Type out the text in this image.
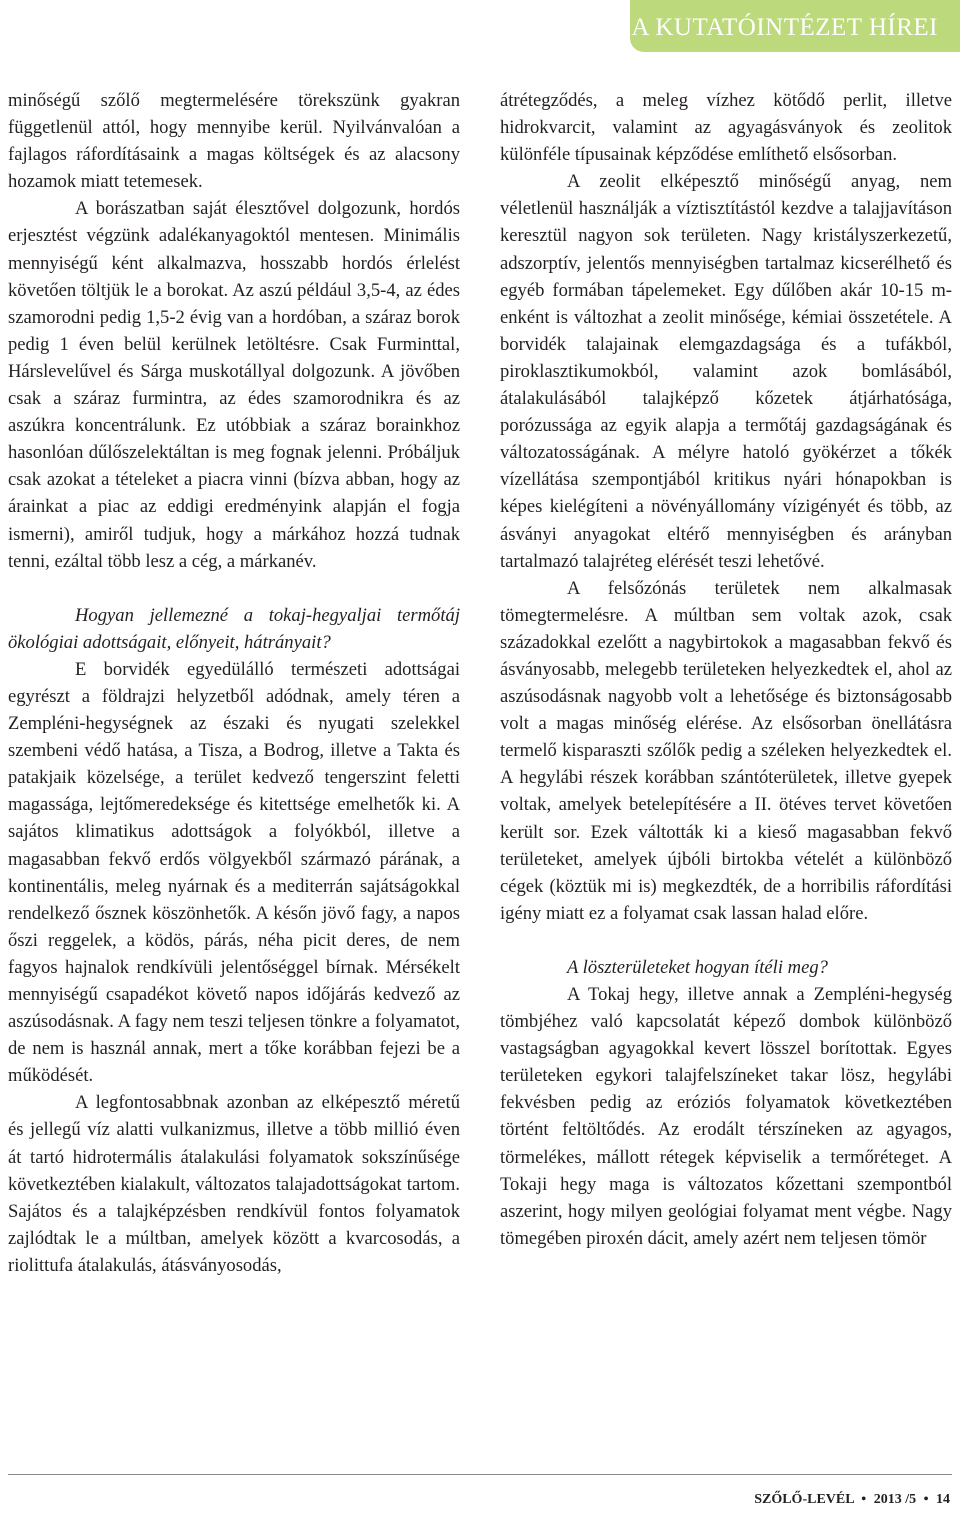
A KUTATÓINTÉZET HÍREI

minőségű szőlő megtermelésére törekszünk gyakran függetlenül attól, hogy mennyibe kerül. Nyilvánvalóan a fajlagos ráfordításaink a magas költségek és az alacsony hozamok miatt tetemesek.

A borászatban saját élesztővel dolgozunk, hordós erjesztést végzünk adalékanyagoktól mentesen. Minimális mennyiségű ként alkalmazva, hosszabb hordós érlelést követően töltjük le a borokat. Az aszú például 3,5-4, az édes szamorodni pedig 1,5-2 évig van a hordóban, a száraz borok pedig 1 éven belül kerülnek letöltésre. Csak Furminttal, Hárslevelűvel és Sárga muskotállyal dolgozunk. A jövőben csak a száraz furmintra, az édes szamorodnikra és az aszúkra koncentrálunk. Ez utóbbiak a száraz borainkhoz hasonlóan dűlőszelektáltan is meg fognak jelenni. Próbáljuk csak azokat a tételeket a piacra vinni (bízva abban, hogy az árainkat a piac az eddigi eredményink alapján el fogja ismerni), amiről tudjuk, hogy a márkához hozzá tudnak tenni, ezáltal több lesz a cég, a márkanév.

Hogyan jellemezné a tokaj-hegyaljai termőtáj ökológiai adottságait, előnyeit, hátrányait?

E borvidék egyedülálló természeti adottságai egyrészt a földrajzi helyzetből adódnak, amely téren a Zempléni-hegységnek az északi és nyugati szelekkel szembeni védő hatása, a Tisza, a Bodrog, illetve a Takta és patakjaik közelsége, a terület kedvező tengerszint feletti magassága, lejtőmeredeksége és kitettsége emelhetők ki. A sajátos klimatikus adottságok a folyókból, illetve a magasabban fekvő erdős völgyekből származó párának, a kontinentális, meleg nyárnak és a mediterrán sajátságokkal rendelkező ősznek köszönhetők. A későn jövő fagy, a napos őszi reggelek, a ködös, párás, néha picit deres, de nem fagyos hajnalok rendkívüli jelentőséggel bírnak. Mérsékelt mennyiségű csapadékot követő napos időjárás kedvező az aszúsodásnak. A fagy nem teszi teljesen tönkre a folyamatot, de nem is használ annak, mert a tőke korábban fejezi be a működését.

A legfontosabbnak azonban az elképesztő méretű és jellegű víz alatti vulkanizmus, illetve a több millió éven át tartó hidrotermális átalakulási folyamatok sokszínűsége következtében kialakult, változatos talajadottságokat tartom. Sajátos és a talajképzésben rendkívül fontos folyamatok zajlódtak le a múltban, amelyek között a kvarcosodás, a riolittufa átalakulás, átásványosodás,

átrétegződés, a meleg vízhez kötődő perlit, illetve hidrokvarcit, valamint az agyagásványok és zeolitok különféle típusainak képződése említhető elsősorban.

A zeolit elképesztő minőségű anyag, nem véletlenül használják a víztisztítástól kezdve a talajjavításon keresztül nagyon sok területen. Nagy kristályszerkezetű, adszorptív, jelentős mennyiségben tartalmaz kicserélhető és egyéb formában tápelemeket. Egy dűlőben akár 10-15 m-enként is változhat a zeolit minősége, kémiai összetétele. A borvidék talajainak elemgazdagsága és a tufákból, piroklasztikumokból, valamint azok bomlásából, átalakulásából talajképző kőzetek átjárhatósága, porózussága az egyik alapja a termőtáj gazdagságának és változatosságának. A mélyre hatoló gyökérzet a tőkék vízellátása szempontjából kritikus nyári hónapokban is képes kielégíteni a növényállomány vízigényét és több, az ásványi anyagokat eltérő mennyiségben és arányban tartalmazó talajréteg elérését teszi lehetővé.

A felsőzónás területek nem alkalmasak tömegtermelésre. A múltban sem voltak azok, csak századokkal ezelőtt a nagybirtokok a magasabban fekvő és ásványosabb, melegebb területeken helyezkedtek el, ahol az aszúsodásnak nagyobb volt a lehetősége és biztonságosabb volt a magas minőség elérése. Az elsősorban önellátásra termelő kisparaszti szőlők pedig a széleken helyezkedtek el. A hegylábi részek korábban szántóterületek, illetve gyepek voltak, amelyek betelepítésére a II. ötéves tervet követően került sor. Ezek váltották ki a kieső magasabban fekvő területeket, amelyek újbóli birtokba vételét a különböző cégek (köztük mi is) megkezdték, de a horribilis ráfordítási igény miatt ez a folyamat csak lassan halad előre.

A löszterületeket hogyan ítéli meg?

A Tokaj hegy, illetve annak a Zempléni-hegység tömbjéhez való kapcsolatát képező dombok különböző vastagságban agyagokkal kevert lösszel borítottak. Egyes területeken egykori talajfelszíneket takar lösz, hegylábi fekvésben pedig az eróziós folyamatok következtében történt feltöltődés. Az erodált térszíneken az agyagos, törmelékes, mállott rétegek képviselik a termőréteget. A Tokaji hegy maga is változatos kőzettani szempontból aszerint, hogy milyen geológiai folyamat ment végbe. Nagy tömegében piroxén dácit, amely azért nem teljesen tömör

SZŐLŐ-LEVÉL • 2013 /5 • 14
